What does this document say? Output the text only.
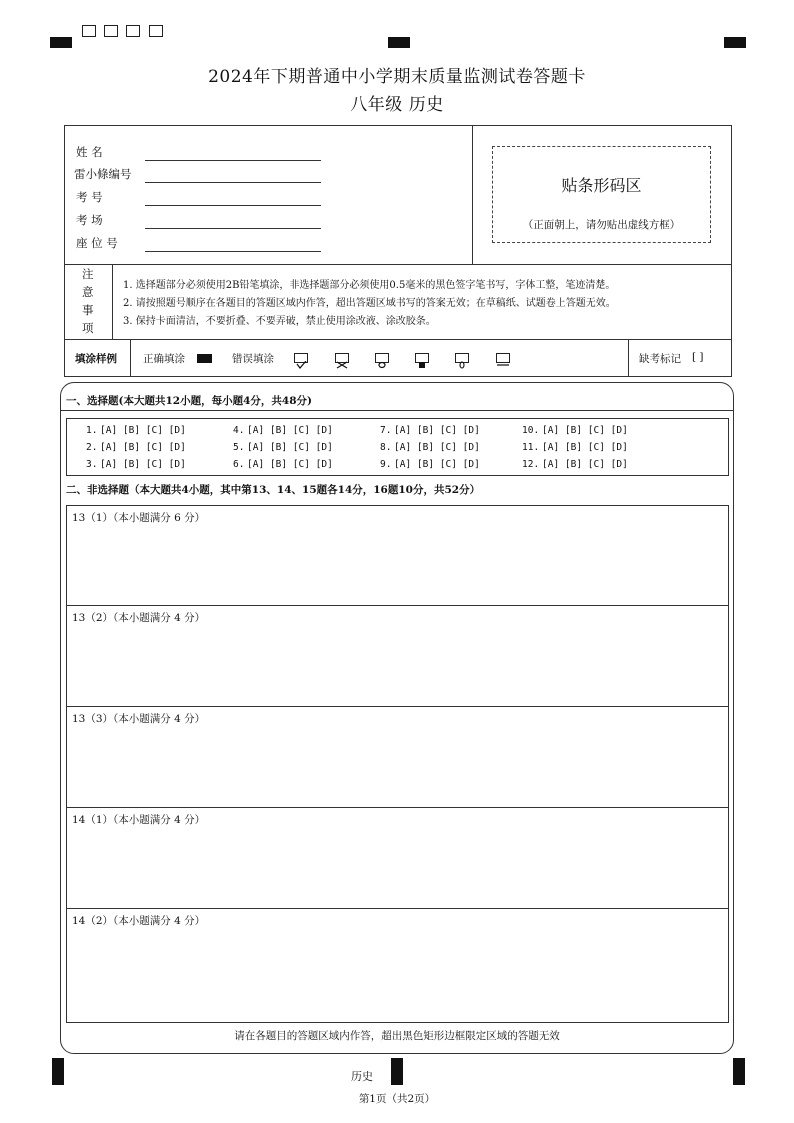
2024年下期普通中小学期末质量监测试卷答题卡
八年级 历史
姓 名
雷小條编号
考 号
考 场
座 位 号
贴条形码区
（正面朝上，请勿贴出虚线方框）
注
意
事
项
1. 选择题部分必须使用2B铅笔填涂，非选择题部分必须使用0.5毫米的黑色签字笔书写，字体工整，笔迹清楚。
2. 请按照题号顺序在各题目的答题区域内作答，超出答题区域书写的答案无效；在草稿纸、试题卷上答题无效。
3. 保持卡面清洁，不要折叠、不要弄破，禁止使用涂改液、涂改胶条。
填涂样例 正确填涂	错误填涂	缺考标记 [ ]
一、选择题(本大题共12小题，每小题4分，共48分)
1.
2.
3.
4.
5.
6.
7.
8.
9.
10.
11.
12.
[A] [B] [C] [D]
[A] [B] [C] [D]
[A] [B] [C] [D]
[A] [B] [C] [D]
[A] [B] [C] [D]
[A] [B] [C] [D]
[A] [B] [C] [D]
[A] [B] [C] [D]
[A] [B] [C] [D]
[A] [B] [C] [D]
[A] [B] [C] [D]
[A] [B] [C] [D]
二、非选择题（本大题共4小题，其中第13、14、15题各14分，16题10分，共52分）
13（1）（本小题满分 6 分）
13（2）（本小题满分 4 分）
13（3）（本小题满分 4 分）
14（1）（本小题满分 4 分）
14（2）（本小题满分 4 分）
请在各题目的答题区域内作答，超出黑色矩形边框限定区域的答题无效
历史
第1页（共2页）
